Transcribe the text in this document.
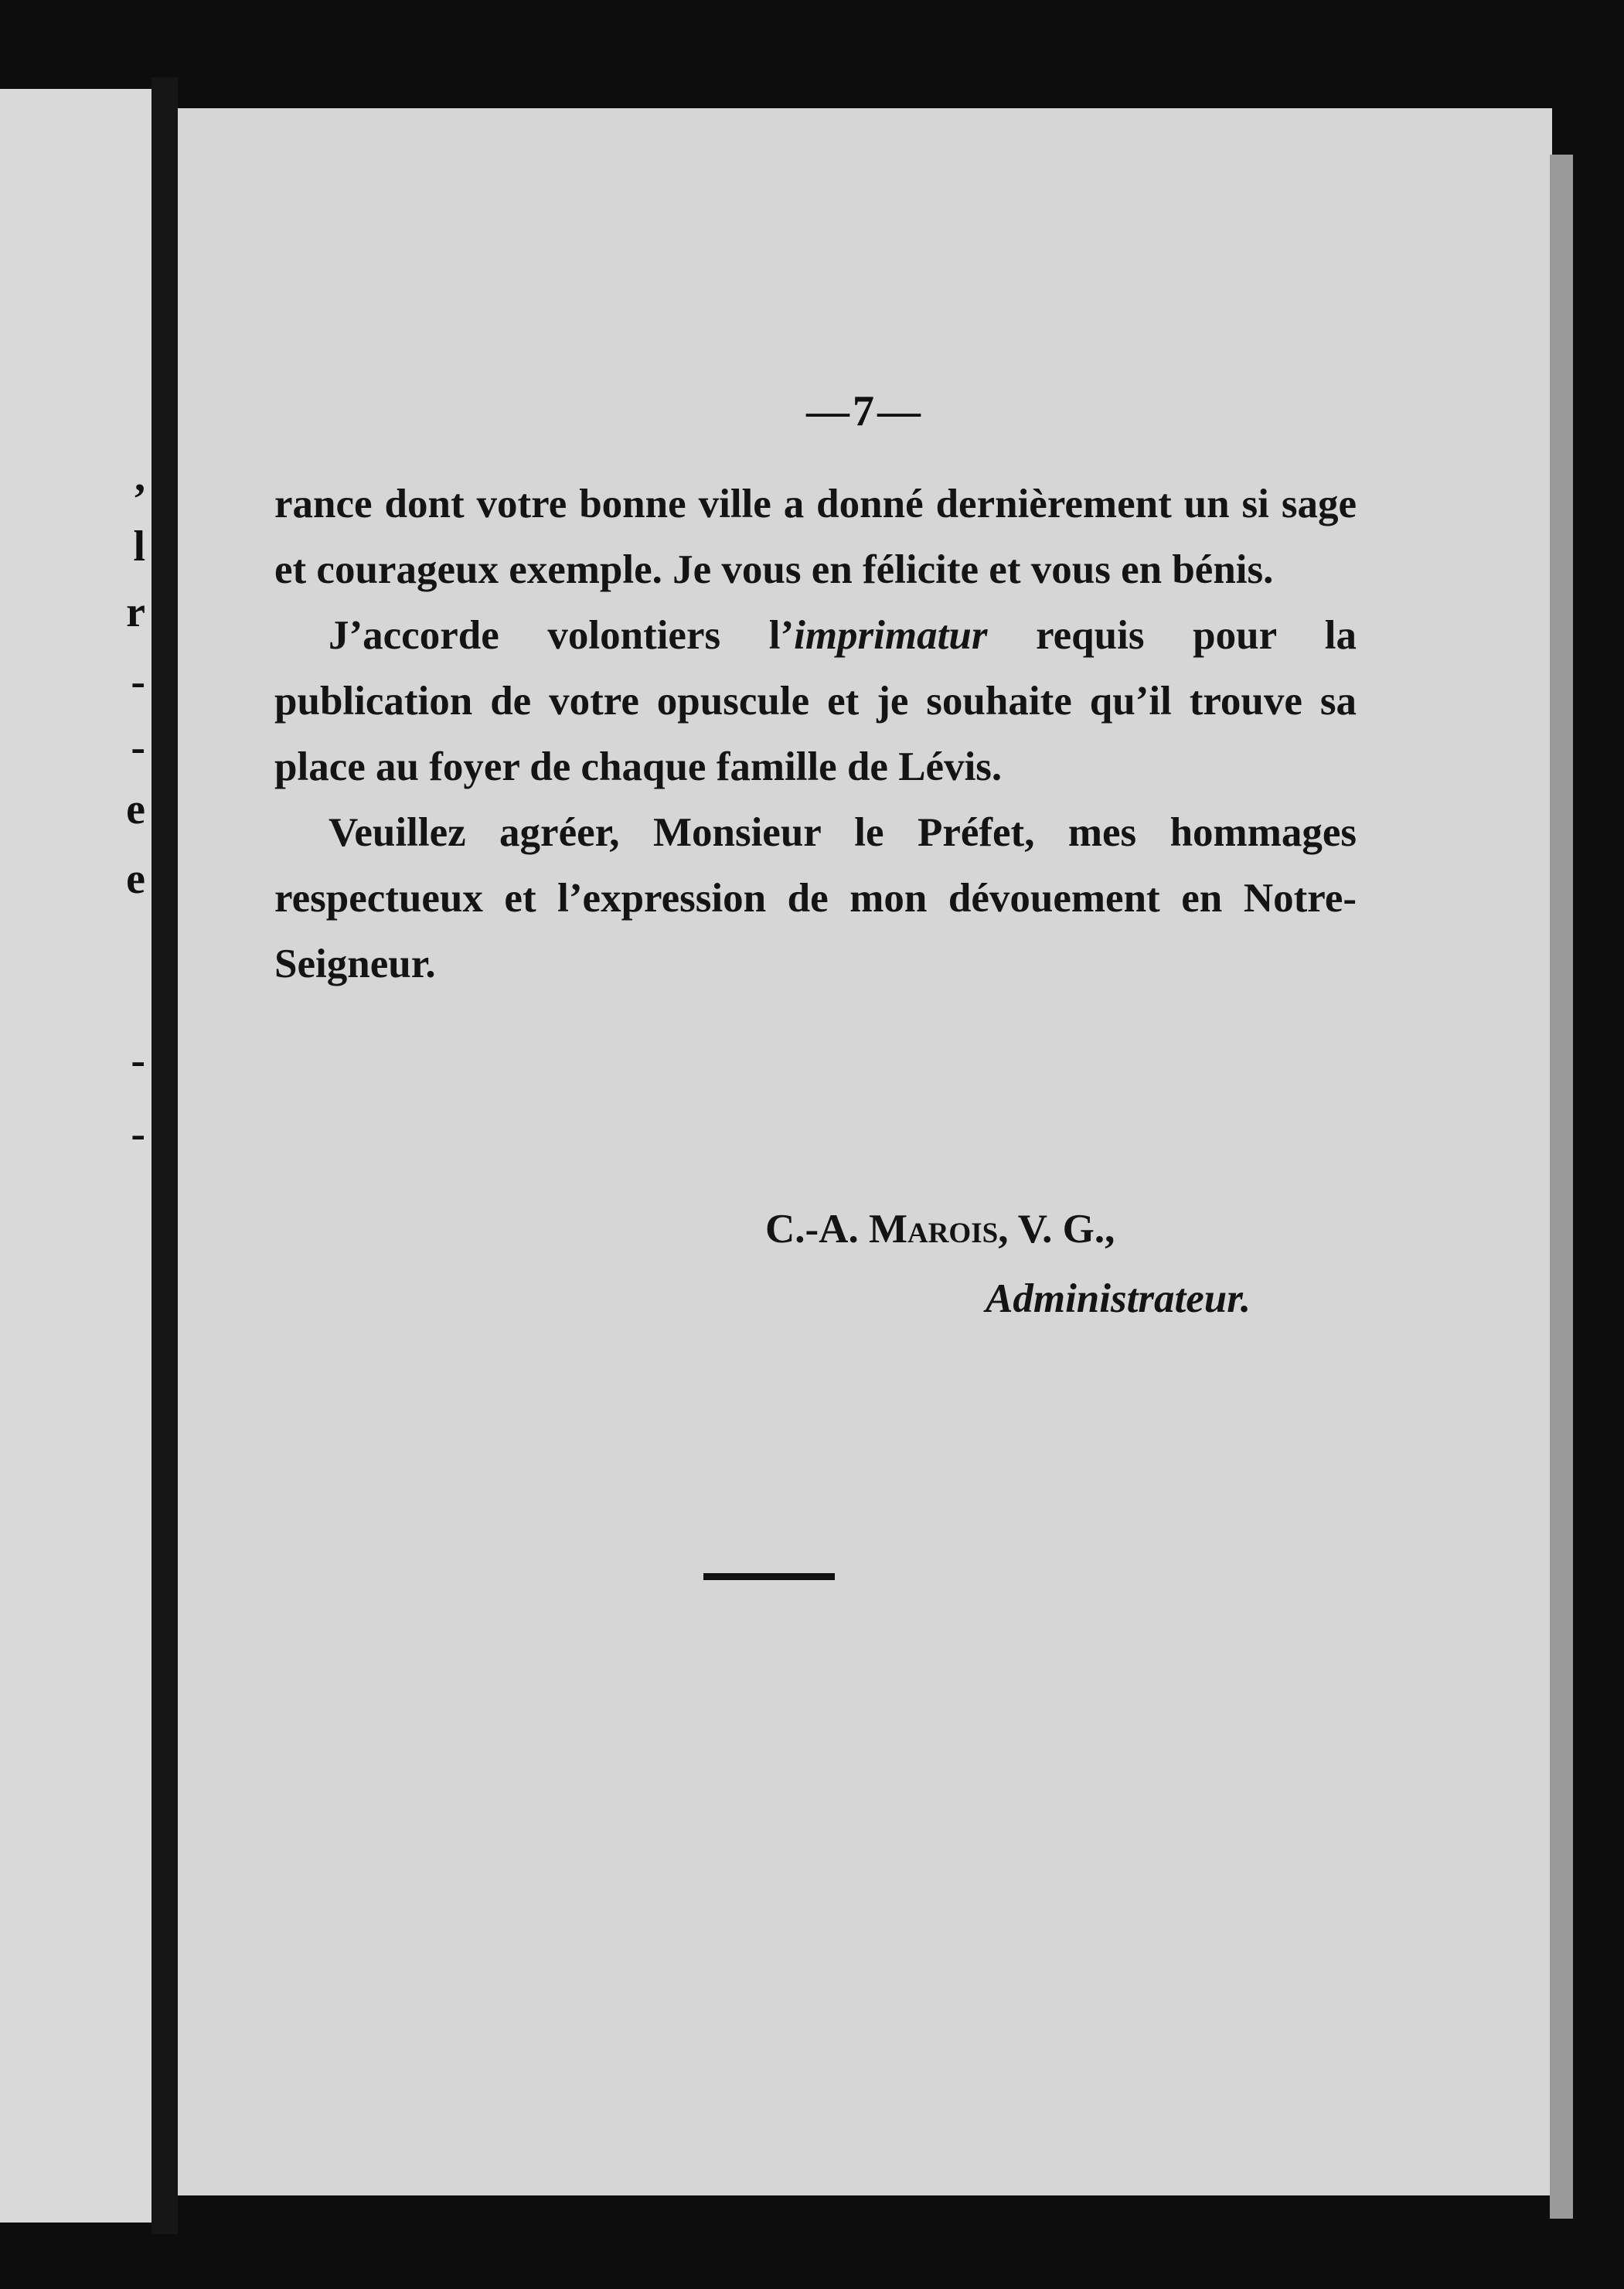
,
l
r
-
-
e
e
-
-
—7—

rance dont votre bonne ville a donné dernièrement un si sage et courageux exemple. Je vous en félicite et vous en bénis.

J’accorde volontiers l’imprimatur requis pour la publication de votre opuscule et je souhaite qu’il trouve sa place au foyer de chaque famille de Lévis.

Veuillez agréer, Monsieur le Préfet, mes hommages respectueux et l’expression de mon dévouement en Notre-Seigneur.

C.-A. Marois, V. G.,
Administrateur.
